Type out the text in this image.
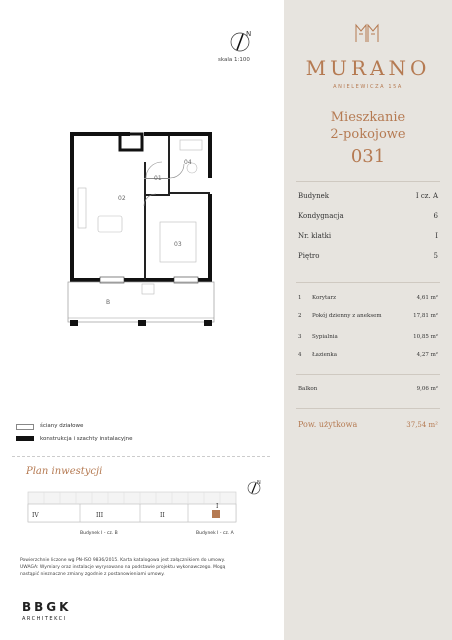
N
skala 1:100
04
01
02
03
B
ściany działowe
konstrukcja i szachty instalacyjne
Plan inwestycji
N
IV	III	II
I
Budynek I - cz. B	Budynek I - cz. A
Powierzchnie liczone wg PN-ISO 9836/2015. Karta katalogowa jest załącznikiem do umowy.
UWAGA: Wymiary oraz instalacje wyrysowano na podstawie projektu wykonawczego. Mogą
nastąpić nieznaczne zmiany zgodnie z postanowieniami umowy.
BBGK
ARCHITEKCI
MURANO
ANIELEWICZA 15A
Mieszkanie
2-pokojowe
031
Budynek	I cz. A
Kondygnacja	6
Nr. klatki	I
Piętro	5
1 Korytarz	4,61 m²
2 Pokój dzienny z aneksem	17,81 m²
3 Sypialnia	10,85 m²
4 Łazienka	4,27 m²
Balkon	9,06 m²
Pow. użytkowa	37,54 m²
